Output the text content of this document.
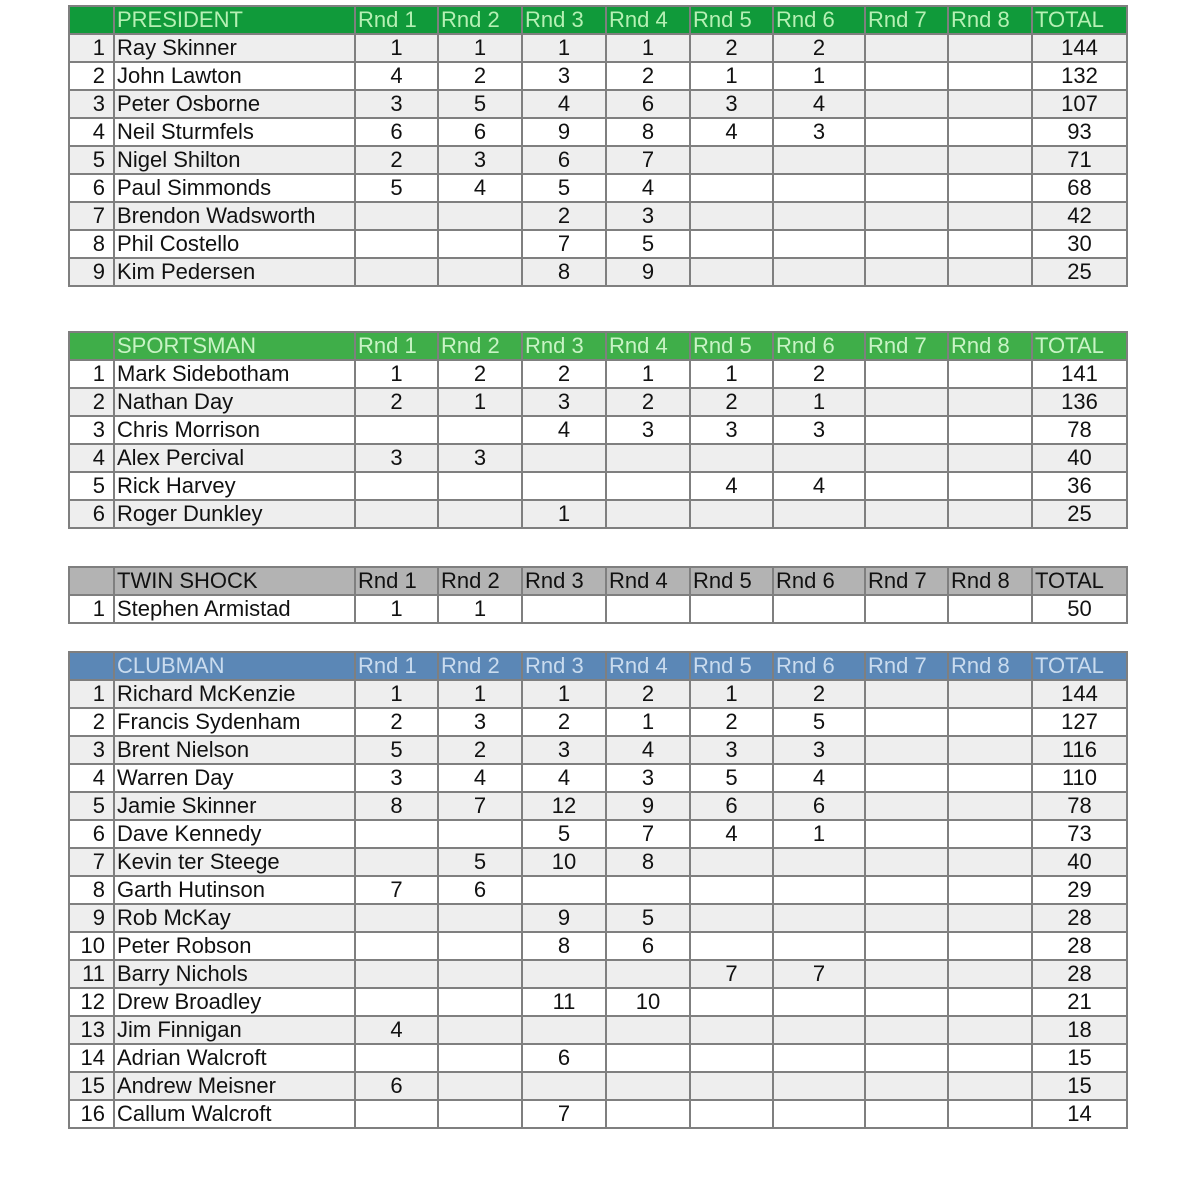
	PRESIDENT	Rnd 1	Rnd 2	Rnd 3	Rnd 4	Rnd 5	Rnd 6	Rnd 7	Rnd 8	TOTAL
1	Ray Skinner	1	1	1	1	2	2			144
2	John Lawton	4	2	3	2	1	1			132
3	Peter Osborne	3	5	4	6	3	4			107
4	Neil Sturmfels	6	6	9	8	4	3			93
5	Nigel Shilton	2	3	6	7					71
6	Paul Simmonds	5	4	5	4					68
7	Brendon Wadsworth			2	3					42
8	Phil Costello			7	5					30
9	Kim Pedersen			8	9					25
	SPORTSMAN	Rnd 1	Rnd 2	Rnd 3	Rnd 4	Rnd 5	Rnd 6	Rnd 7	Rnd 8	TOTAL
1	Mark Sidebotham	1	2	2	1	1	2			141
2	Nathan Day	2	1	3	2	2	1			136
3	Chris Morrison			4	3	3	3			78
4	Alex Percival	3	3							40
5	Rick Harvey					4	4			36
6	Roger Dunkley			1						25
	TWIN SHOCK	Rnd 1	Rnd 2	Rnd 3	Rnd 4	Rnd 5	Rnd 6	Rnd 7	Rnd 8	TOTAL
1	Stephen Armistad	1	1							50
	CLUBMAN	Rnd 1	Rnd 2	Rnd 3	Rnd 4	Rnd 5	Rnd 6	Rnd 7	Rnd 8	TOTAL
1	Richard McKenzie	1	1	1	2	1	2			144
2	Francis Sydenham	2	3	2	1	2	5			127
3	Brent Nielson	5	2	3	4	3	3			116
4	Warren Day	3	4	4	3	5	4			110
5	Jamie Skinner	8	7	12	9	6	6			78
6	Dave Kennedy			5	7	4	1			73
7	Kevin ter Steege		5	10	8					40
8	Garth Hutinson	7	6							29
9	Rob McKay			9	5					28
10	Peter Robson			8	6					28
11	Barry Nichols					7	7			28
12	Drew Broadley			11	10					21
13	Jim Finnigan	4								18
14	Adrian Walcroft			6						15
15	Andrew Meisner	6								15
16	Callum Walcroft			7						14
